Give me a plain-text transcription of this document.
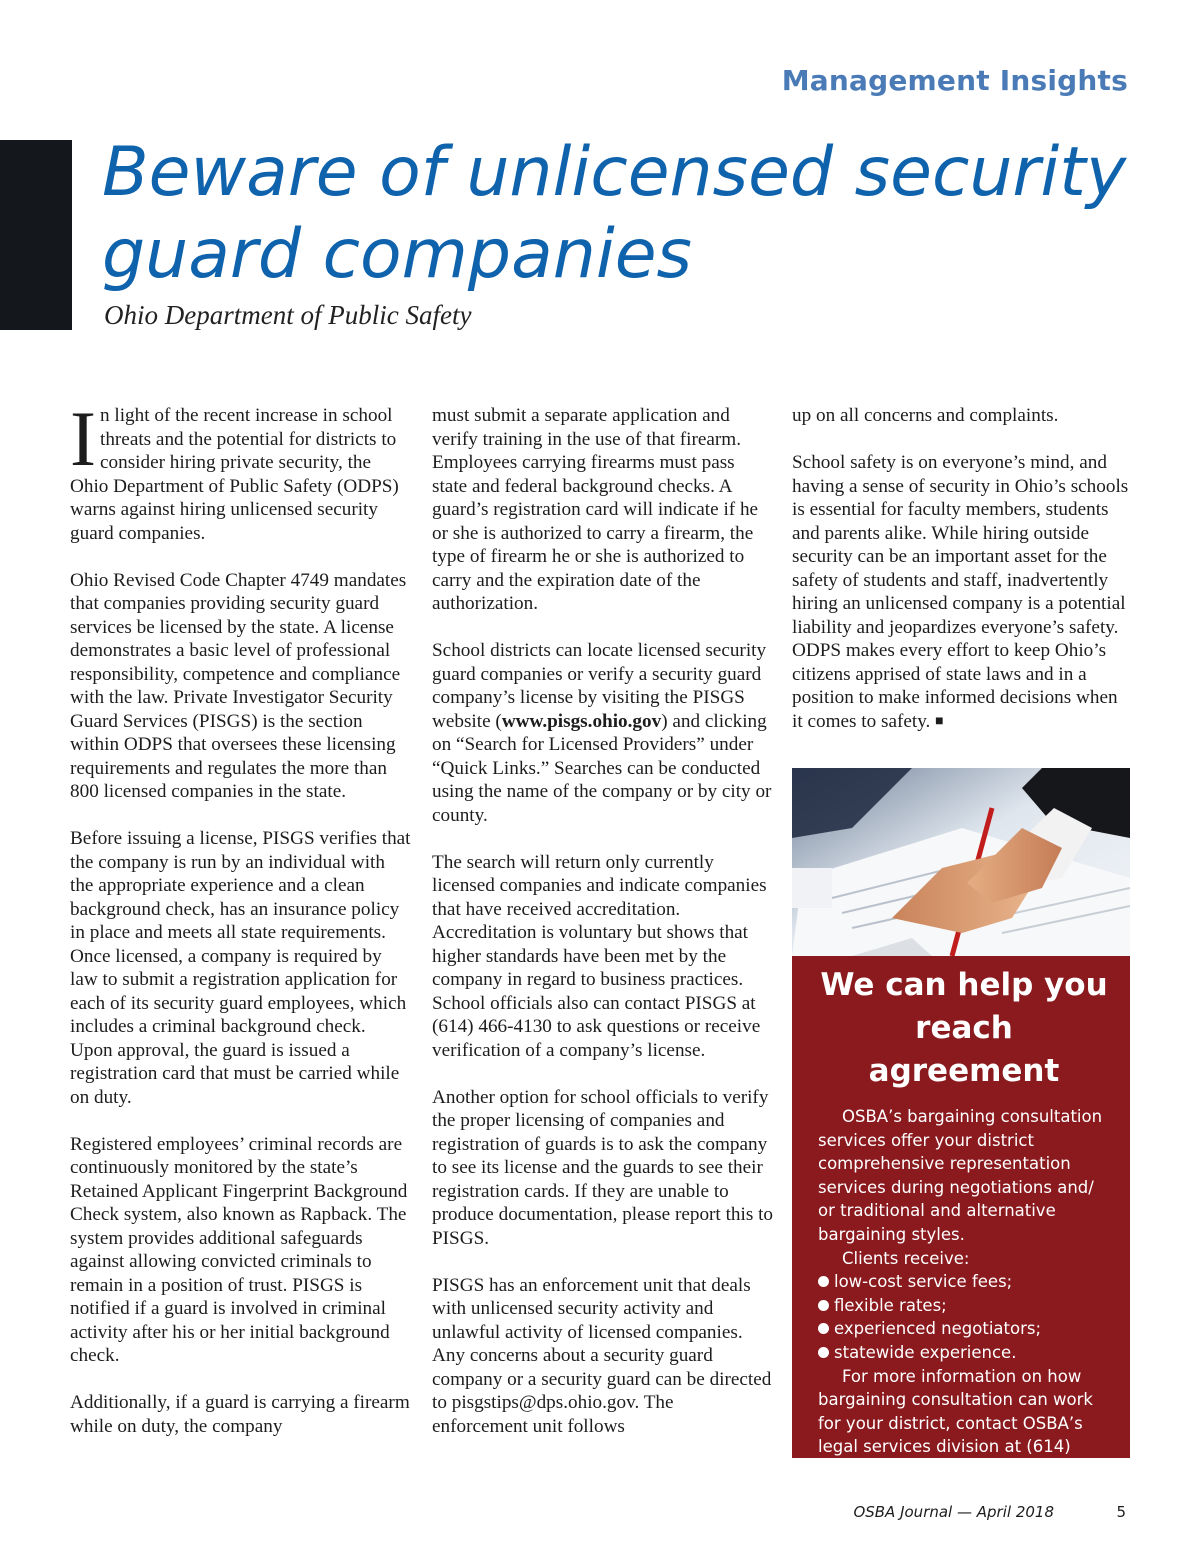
Management Insights
Beware of unlicensed security guard companies
Ohio Department of Public Safety

In light of the recent increase in school threats and the potential for districts to consider hiring private security, the Ohio Department of Public Safety (ODPS) warns against hiring unlicensed security guard companies.

Ohio Revised Code Chapter 4749 mandates that companies providing security guard services be licensed by the state. A license demonstrates a basic level of professional responsibility, competence and compliance with the law. Private Investigator Security Guard Services (PISGS) is the section within ODPS that oversees these licensing requirements and regulates the more than 800 licensed companies in the state.

Before issuing a license, PISGS verifies that the company is run by an individual with the appropriate experience and a clean background check, has an insurance policy in place and meets all state requirements. Once licensed, a company is required by law to submit a registration application for each of its security guard employees, which includes a criminal background check. Upon approval, the guard is issued a registration card that must be carried while on duty.

Registered employees’ criminal records are continuously monitored by the state’s Retained Applicant Fingerprint Background Check system, also known as Rapback. The system provides additional safeguards against allowing convicted criminals to remain in a position of trust. PISGS is notified if a guard is involved in criminal activity after his or her initial background check.

Additionally, if a guard is carrying a firearm while on duty, the company

must submit a separate application and verify training in the use of that firearm. Employees carrying firearms must pass state and federal background checks. A guard’s registration card will indicate if he or she is authorized to carry a firearm, the type of firearm he or she is authorized to carry and the expiration date of the authorization.

School districts can locate licensed security guard companies or verify a security guard company’s license by visiting the PISGS website (www.pisgs.ohio.gov) and clicking on “Search for Licensed Providers” under “Quick Links.” Searches can be conducted using the name of the company or by city or county.

The search will return only currently licensed companies and indicate companies that have received accreditation. Accreditation is voluntary but shows that higher standards have been met by the company in regard to business practices. School officials also can contact PISGS at (614) 466-4130 to ask questions or receive verification of a company’s license.

Another option for school officials to verify the proper licensing of companies and registration of guards is to ask the company to see its license and the guards to see their registration cards. If they are unable to produce documentation, please report this to PISGS.

PISGS has an enforcement unit that deals with unlicensed security activity and unlawful activity of licensed companies. Any concerns about a security guard company or a security guard can be directed to pisgstips@dps.ohio.gov. The enforcement unit follows

up on all concerns and complaints.

School safety is on everyone’s mind, and having a sense of security in Ohio’s schools is essential for faculty members, students and parents alike. While hiring outside security can be an important asset for the safety of students and staff, inadvertently hiring an unlicensed company is a potential liability and jeopardizes everyone’s safety. ODPS makes every effort to keep Ohio’s citizens apprised of state laws and in a position to make informed decisions when it comes to safety. ■

We can help you
reach agreement
OSBA’s bargaining consultation services offer your district comprehensive representation services during negotiations and/ or traditional and alternative bargaining styles.
Clients receive:
low-cost service fees;
flexible rates;
experienced negotiators;
statewide experience.
For more information on how bargaining consultation can work for your district, contact OSBA’s legal services division at (614) 540-4000 or (800) 589-OSBA.
OSBA Journal — April 2018	5
